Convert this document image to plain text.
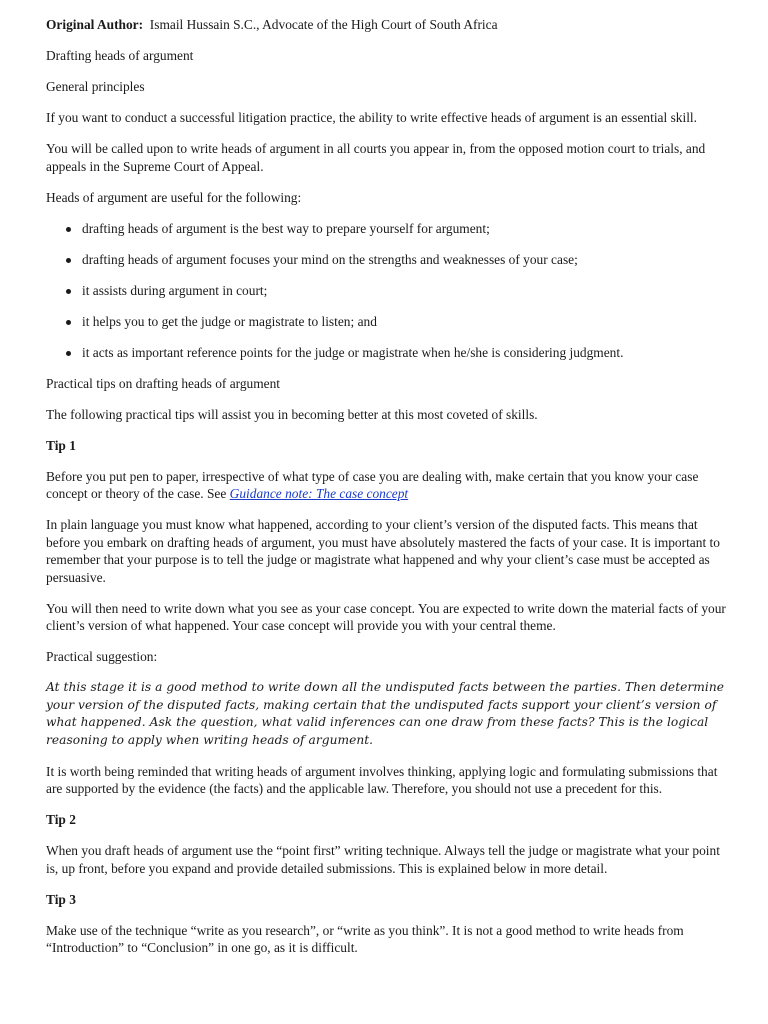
Original Author: Ismail Hussain S.C., Advocate of the High Court of South Africa

Drafting heads of argument

General principles

If you want to conduct a successful litigation practice, the ability to write effective heads of argument is an essential skill.

You will be called upon to write heads of argument in all courts you appear in, from the opposed motion court to trials, and appeals in the Supreme Court of Appeal.

Heads of argument are useful for the following:

drafting heads of argument is the best way to prepare yourself for argument;
drafting heads of argument focuses your mind on the strengths and weaknesses of your case;
it assists during argument in court;
it helps you to get the judge or magistrate to listen; and
it acts as important reference points for the judge or magistrate when he/she is considering judgment.

Practical tips on drafting heads of argument

The following practical tips will assist you in becoming better at this most coveted of skills.

Tip 1

Before you put pen to paper, irrespective of what type of case you are dealing with, make certain that you know your case concept or theory of the case. See Guidance note: The case concept

In plain language you must know what happened, according to your client’s version of the disputed facts. This means that before you embark on drafting heads of argument, you must have absolutely mastered the facts of your case. It is important to remember that your purpose is to tell the judge or magistrate what happened and why your client’s case must be accepted as persuasive.

You will then need to write down what you see as your case concept. You are expected to write down the material facts of your client’s version of what happened. Your case concept will provide you with your central theme.

Practical suggestion:

At this stage it is a good method to write down all the undisputed facts between the parties. Then determine your version of the disputed facts, making certain that the undisputed facts support your client’s version of what happened. Ask the question, what valid inferences can one draw from these facts? This is the logical reasoning to apply when writing heads of argument.

It is worth being reminded that writing heads of argument involves thinking, applying logic and formulating submissions that are supported by the evidence (the facts) and the applicable law. Therefore, you should not use a precedent for this.

Tip 2

When you draft heads of argument use the “point first” writing technique. Always tell the judge or magistrate what your point is, up front, before you expand and provide detailed submissions. This is explained below in more detail.

Tip 3

Make use of the technique “write as you research”, or “write as you think”. It is not a good method to write heads from “Introduction” to “Conclusion” in one go, as it is difficult.
